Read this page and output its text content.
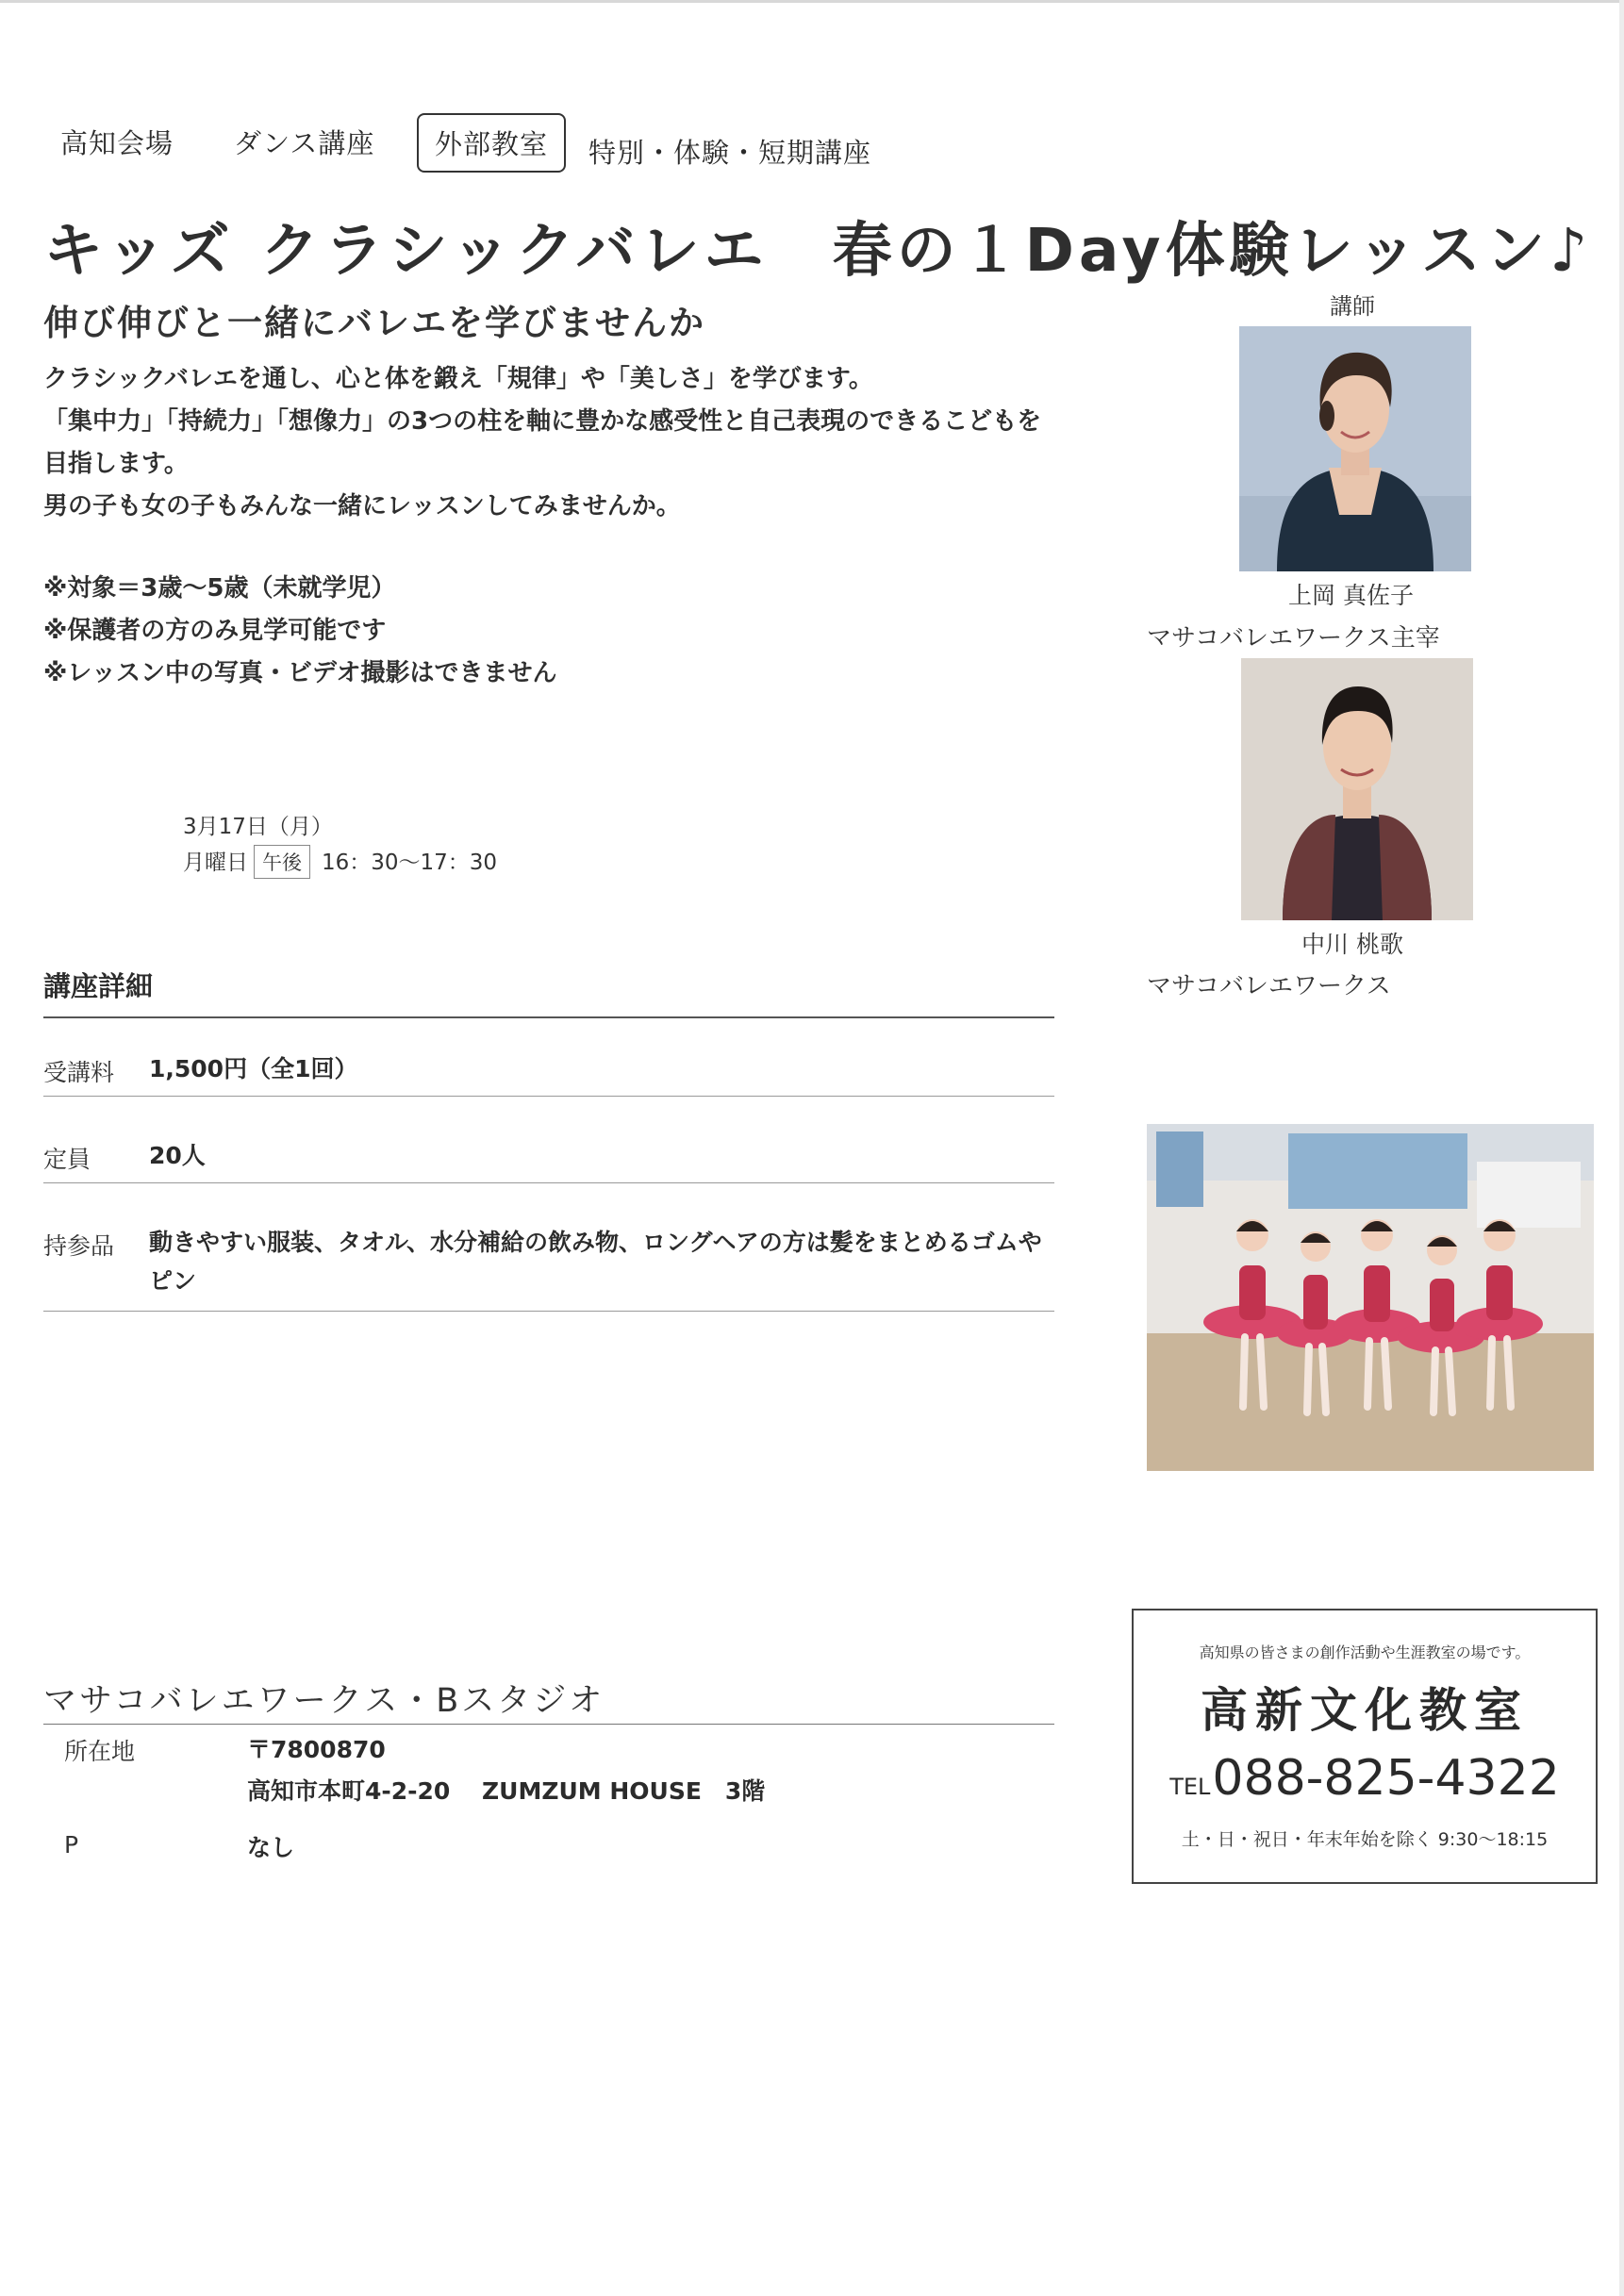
高知会場 ダンス講座	外部教室	特別・体験・短期講座
キッズ クラシックバレエ　春の１Day体験レッスン♪
伸び伸びと一緒にバレエを学びませんか
クラシックバレエを通し、心と体を鍛え「規律」や「美しさ」を学びます。
「集中力」「持続力」「想像力」の3つの柱を軸に豊かな感受性と自己表現のできるこどもを目指します。
男の子も女の子もみんな一緒にレッスンしてみませんか。
※対象＝3歳～5歳（未就学児）
※保護者の方のみ見学可能です
※レッスン中の写真・ビデオ撮影はできません
3月17日（月）
月曜日 午後 16：30～17：30
講座詳細
受講料 1,500円（全1回）
定員 20人
持参品 動きやすい服装、タオル、水分補給の飲み物、ロングヘアの方は髪をまとめるゴムやピン
マサコバレエワークス・Bスタジオ
所在地	〒7800870
高知市本町4-2-20　 ZUMZUM HOUSE　3階
P	なし
講師
上岡 真佐子
マサコバレエワークス主宰
中川 桃歌
マサコバレエワークス
高知県の皆さまの創作活動や生涯教室の場です。
高新文化教室
TEL088-825-4322
土・日・祝日・年末年始を除く 9:30～18:15
